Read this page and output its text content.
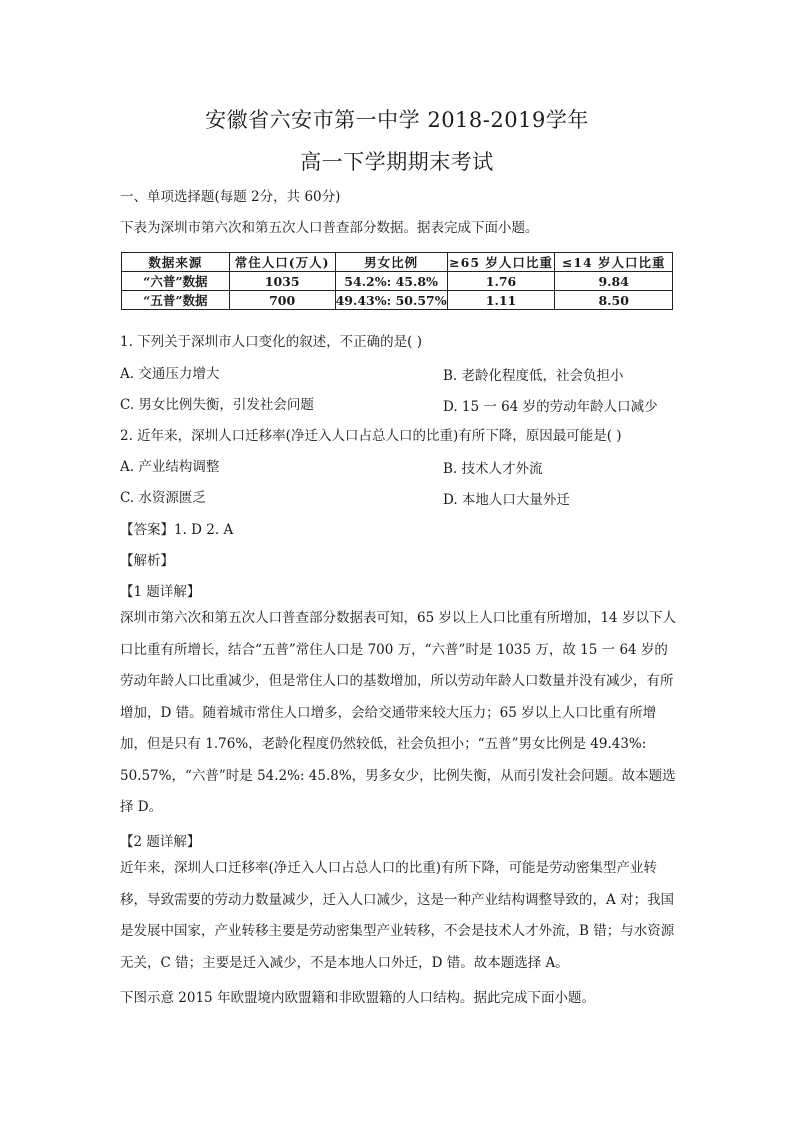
安徽省六安市第一中学 2018-2019学年
高一下学期期末考试
一、单项选择题(每题 2分，共 60分)
下表为深圳市第六次和第五次人口普查部分数据。据表完成下面小题。
数据来源	常住人口(万人)	男女比例	≥65 岁人口比重	≤14 岁人口比重
“六普”数据	1035	54.2%: 45.8%	1.76	9.84
“五普”数据	700	49.43%: 50.57%	1.11	8.50
1. 下列关于深圳市人口变化的叙述，不正确的是( )
A. 交通压力增大	B. 老龄化程度低，社会负担小
C. 男女比例失衡，引发社会问题	D. 15 一 64 岁的劳动年龄人口减少
2. 近年来，深圳人口迁移率(净迁入人口占总人口的比重)有所下降，原因最可能是( )
A. 产业结构调整	B. 技术人才外流
C. 水资源匮乏	D. 本地人口大量外迁
【答案】1. D 2. A
【解析】
【1 题详解】
深圳市第六次和第五次人口普查部分数据表可知，65 岁以上人口比重有所增加，14 岁以下人口比重有所增长，结合“五普”常住人口是 700 万，“六普”时是 1035 万，故 15 一 64 岁的劳动年龄人口比重减少，但是常住人口的基数增加，所以劳动年龄人口数量并没有减少，有所增加，D 错。随着城市常住人口增多，会给交通带来较大压力；65 岁以上人口比重有所增加，但是只有 1.76%，老龄化程度仍然较低，社会负担小；“五普”男女比例是 49.43%: 50.57%，“六普”时是 54.2%: 45.8%，男多女少，比例失衡，从而引发社会问题。故本题选择 D。
【2 题详解】
近年来，深圳人口迁移率(净迁入人口占总人口的比重)有所下降，可能是劳动密集型产业转移，导致需要的劳动力数量减少，迁入人口减少，这是一种产业结构调整导致的，A 对；我国是发展中国家，产业转移主要是劳动密集型产业转移，不会是技术人才外流，B 错；与水资源无关，C 错；主要是迁入减少，不是本地人口外迁，D 错。故本题选择 A。
下图示意 2015 年欧盟境内欧盟籍和非欧盟籍的人口结构。据此完成下面小题。
